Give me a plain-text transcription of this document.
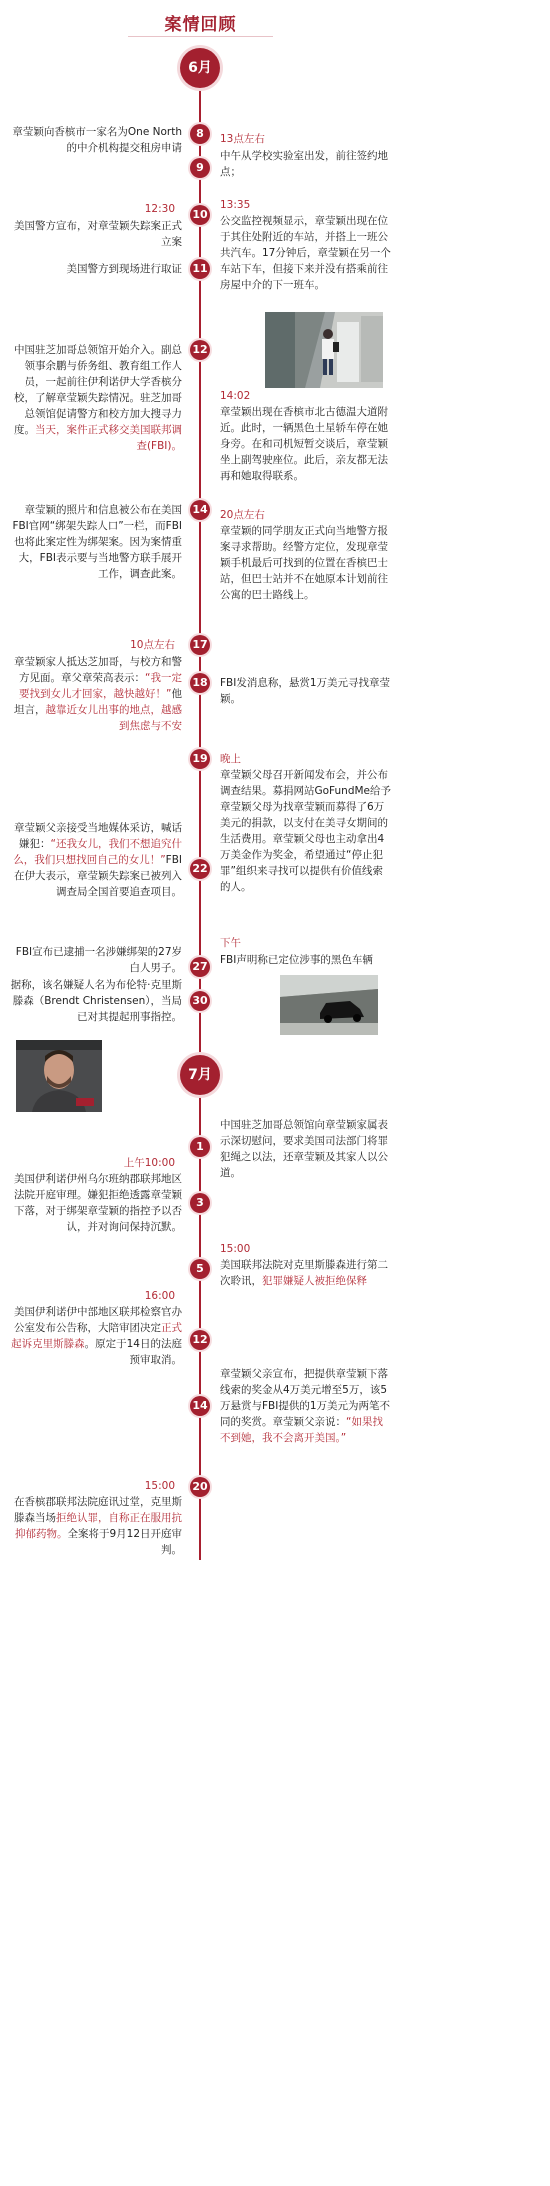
案情回顾
6月
8
章莹颖向香槟市一家名为One North的中介机构提交租房申请
13点左右
9
中午从学校实验室出发，前往签约地点；
12:30 10
美国警方宣布，对章莹颖失踪案正式立案
13:35
公交监控视频显示，章莹颖出现在位于其住处附近的车站，并搭上一班公共汽车。17分钟后，章莹颖在另一个车站下车，但接下来并没有搭乘前往房屋中介的下一班车。
11
美国警方到现场进行取证
12
中国驻芝加哥总领馆开始介入。副总领事余鹏与侨务组、教育组工作人员，一起前往伊利诺伊大学香槟分校，了解章莹颖失踪情况。驻芝加哥总领馆促请警方和校方加大搜寻力度。当天，案件正式移交美国联邦调查(FBI)。
14:02
章莹颖出现在香槟市北古德温大道附近。此时，一辆黑色土星轿车停在她身旁。在和司机短暂交谈后，章莹颖坐上副驾驶座位。此后，亲友都无法再和她取得联系。
14
章莹颖的照片和信息被公布在美国FBI官网“绑架失踪人口”一栏，而FBI也将此案定性为绑架案。因为案情重大，FBI表示要与当地警方联手展开工作，调查此案。
20点左右
章莹颖的同学朋友正式向当地警方报案寻求帮助。经警方定位，发现章莹颖手机最后可找到的位置在香槟巴士站，但巴士站并不在她原本计划前往公寓的巴士路线上。
10点左右 17
章莹颖家人抵达芝加哥，与校方和警方见面。章父章荣高表示：“我一定要找到女儿才回家，越快越好！”他坦言，越靠近女儿出事的地点，越感到焦虑与不安
18 FBI发消息称，悬赏1万美元寻找章莹颖。
19 晚上
章莹颖父母召开新闻发布会，并公布调查结果。募捐网站GoFundMe给予章莹颖父母为找章莹颖而募得了6万美元的捐款，以支付在美寻女期间的生活费用。章莹颖父母也主动拿出4万美金作为奖金，希望通过“停止犯罪”组织来寻找可以提供有价值线索的人。
22
章莹颖父亲接受当地媒体采访，喊话嫌犯：“还我女儿，我们不想追究什么，我们只想找回自己的女儿！”FBI在伊大表示，章莹颖失踪案已被列入调查局全国首要追查项目。
27
FBI宣布已逮捕一名涉嫌绑架的27岁白人男子。
下午
FBI声明称已定位涉事的黑色车辆
30
据称，该名嫌疑人名为布伦特·克里斯滕森（Brendt Christensen），当局已对其提起刑事指控。
7月
1
中国驻芝加哥总领馆向章莹颖家属表示深切慰问，要求美国司法部门将罪犯绳之以法，还章莹颖及其家人以公道。
上午10:00
3
美国伊利诺伊州乌尔班纳郡联邦地区法院开庭审理。嫌犯拒绝透露章莹颖下落，对于绑架章莹颖的指控予以否认，并对询问保持沉默。
15:00
5	美国联邦法院对克里斯滕森进行第二次聆讯，犯罪嫌疑人被拒绝保释
16:00
12
美国伊利诺伊中部地区联邦检察官办公室发布公告称，大陪审团决定正式起诉克里斯滕森。原定于14日的法庭预审取消。
14
章莹颖父亲宣布，把提供章莹颖下落线索的奖金从4万美元增至5万，该5万悬赏与FBI提供的1万美元为两笔不同的奖赏。章莹颖父亲说：“如果找不到她，我不会离开美国。”
15:00 20
在香槟郡联邦法院庭讯过堂，克里斯滕森当场拒绝认罪，自称正在服用抗抑郁药物。全案将于9月12日开庭审判。
